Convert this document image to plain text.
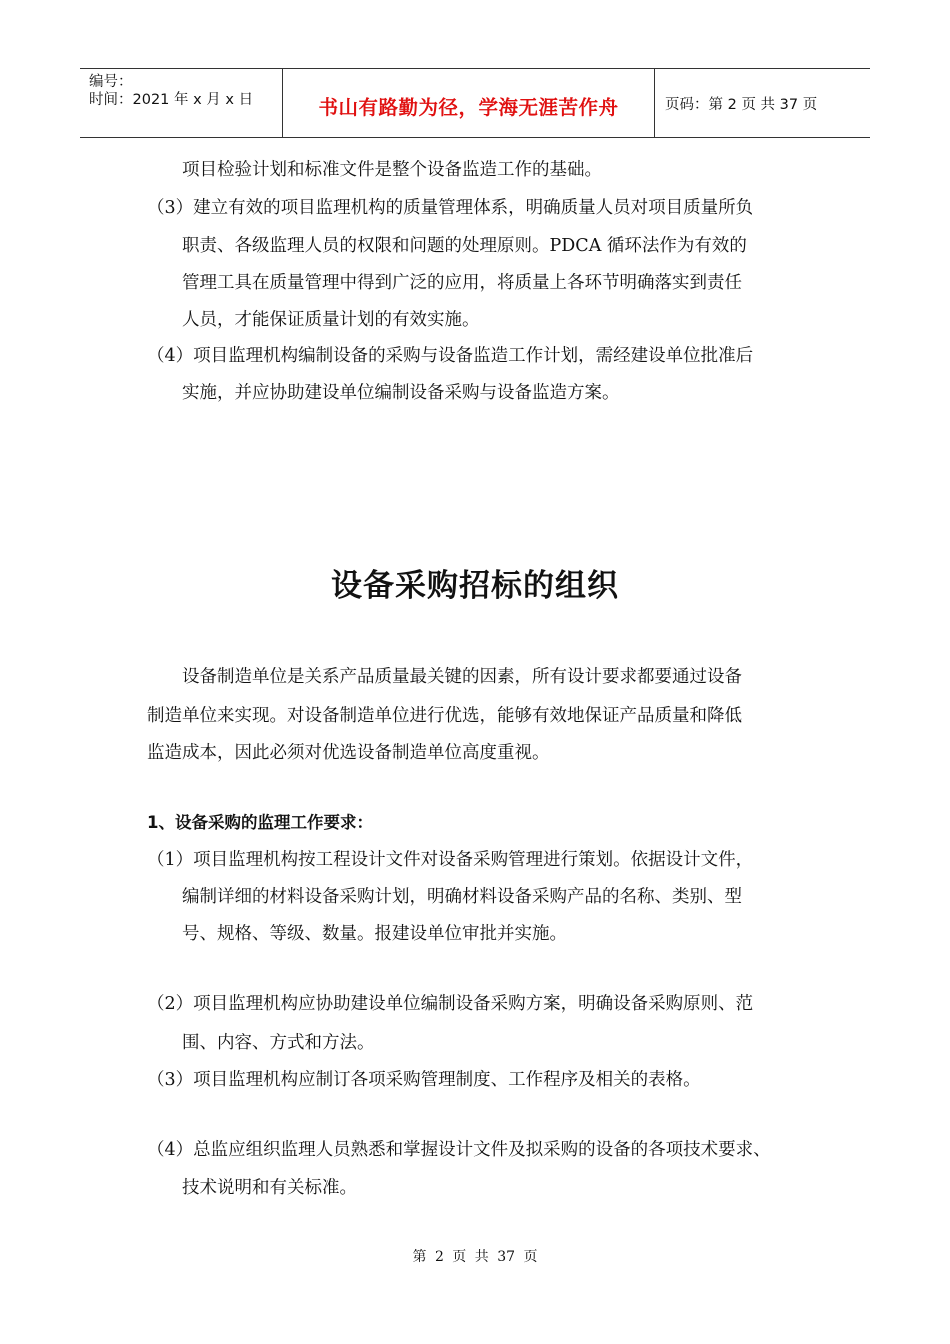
编号：
时间：2021 年 x 月 x 日	书山有路勤为径，学海无涯苦作舟	页码：第 2 页 共 37 页
项目检验计划和标准文件是整个设备监造工作的基础。
（3）建立有效的项目监理机构的质量管理体系，明确质量人员对项目质量所负
职责、各级监理人员的权限和问题的处理原则。PDCA 循环法作为有效的
管理工具在质量管理中得到广泛的应用，将质量上各环节明确落实到责任
人员，才能保证质量计划的有效实施。
（4）项目监理机构编制设备的采购与设备监造工作计划，需经建设单位批准后
实施，并应协助建设单位编制设备采购与设备监造方案。
设备采购招标的组织
设备制造单位是关系产品质量最关键的因素，所有设计要求都要通过设备
制造单位来实现。对设备制造单位进行优选，能够有效地保证产品质量和降低
监造成本，因此必须对优选设备制造单位高度重视。
1、设备采购的监理工作要求：
（1）项目监理机构按工程设计文件对设备采购管理进行策划。依据设计文件，
编制详细的材料设备采购计划，明确材料设备采购产品的名称、类别、型
号、规格、等级、数量。报建设单位审批并实施。
（2）项目监理机构应协助建设单位编制设备采购方案，明确设备采购原则、范
围、内容、方式和方法。
（3）项目监理机构应制订各项采购管理制度、工作程序及相关的表格。
（4）总监应组织监理人员熟悉和掌握设计文件及拟采购的设备的各项技术要求、
技术说明和有关标准。
第 2 页 共 37 页
